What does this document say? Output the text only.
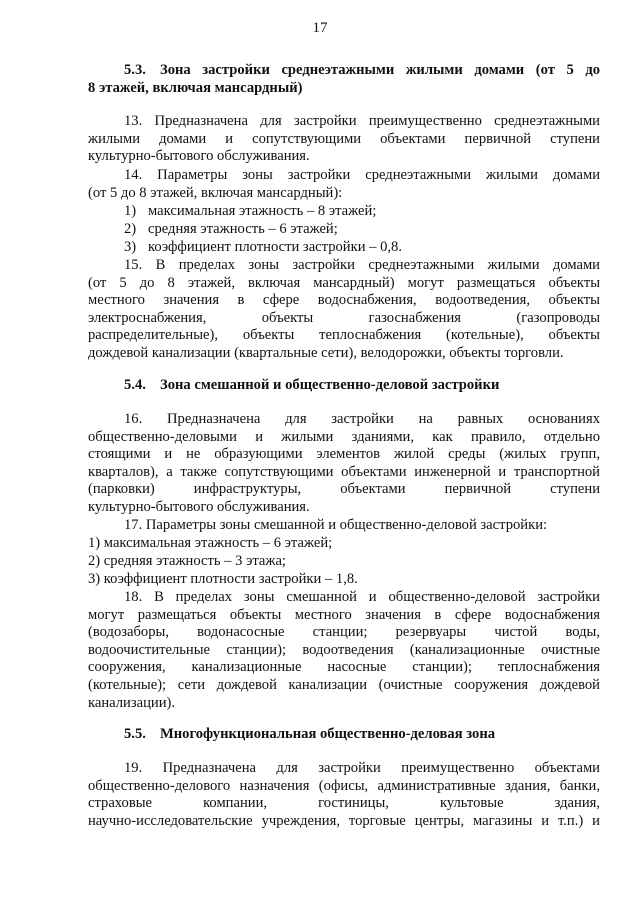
17
5.3. Зона застройки среднеэтажными жилыми домами (от 5 до
8 этажей, включая мансардный)
13. Предназначена для застройки преимущественно среднеэтажными
жилыми домами и сопутствующими объектами первичной ступени
культурно-бытового обслуживания.
14. Параметры зоны застройки среднеэтажными жилыми домами
(от 5 до 8 этажей, включая мансардный):
1) максимальная этажность – 8 этажей;
2) средняя этажность – 6 этажей;
3) коэффициент плотности застройки – 0,8.
15. В пределах зоны застройки среднеэтажными жилыми домами
(от 5 до 8 этажей, включая мансардный) могут размещаться объекты
местного значения в сфере водоснабжения, водоотведения, объекты
электроснабжения, объекты газоснабжения (газопроводы
распределительные), объекты теплоснабжения (котельные), объекты
дождевой канализации (квартальные сети), велодорожки, объекты торговли.
5.4. Зона смешанной и общественно-деловой застройки
16. Предназначена для застройки на равных основаниях
общественно-деловыми и жилыми зданиями, как правило, отдельно
стоящими и не образующими элементов жилой среды (жилых групп,
кварталов), а также сопутствующими объектами инженерной и транспортной
(парковки) инфраструктуры, объектами первичной ступени
культурно-бытового обслуживания.
17. Параметры зоны смешанной и общественно-деловой застройки:
1) максимальная этажность – 6 этажей;
2) средняя этажность – 3 этажа;
3) коэффициент плотности застройки – 1,8.
18. В пределах зоны смешанной и общественно-деловой застройки
могут размещаться объекты местного значения в сфере водоснабжения
(водозаборы, водонасосные станции; резервуары чистой воды,
водоочистительные станции); водоотведения (канализационные очистные
сооружения, канализационные насосные станции); теплоснабжения
(котельные); сети дождевой канализации (очистные сооружения дождевой
канализации).
5.5. Многофункциональная общественно-деловая зона
19. Предназначена для застройки преимущественно объектами
общественно-делового назначения (офисы, административные здания, банки,
страховые компании, гостиницы, культовые здания,
научно-исследовательские учреждения, торговые центры, магазины и т.п.) и
